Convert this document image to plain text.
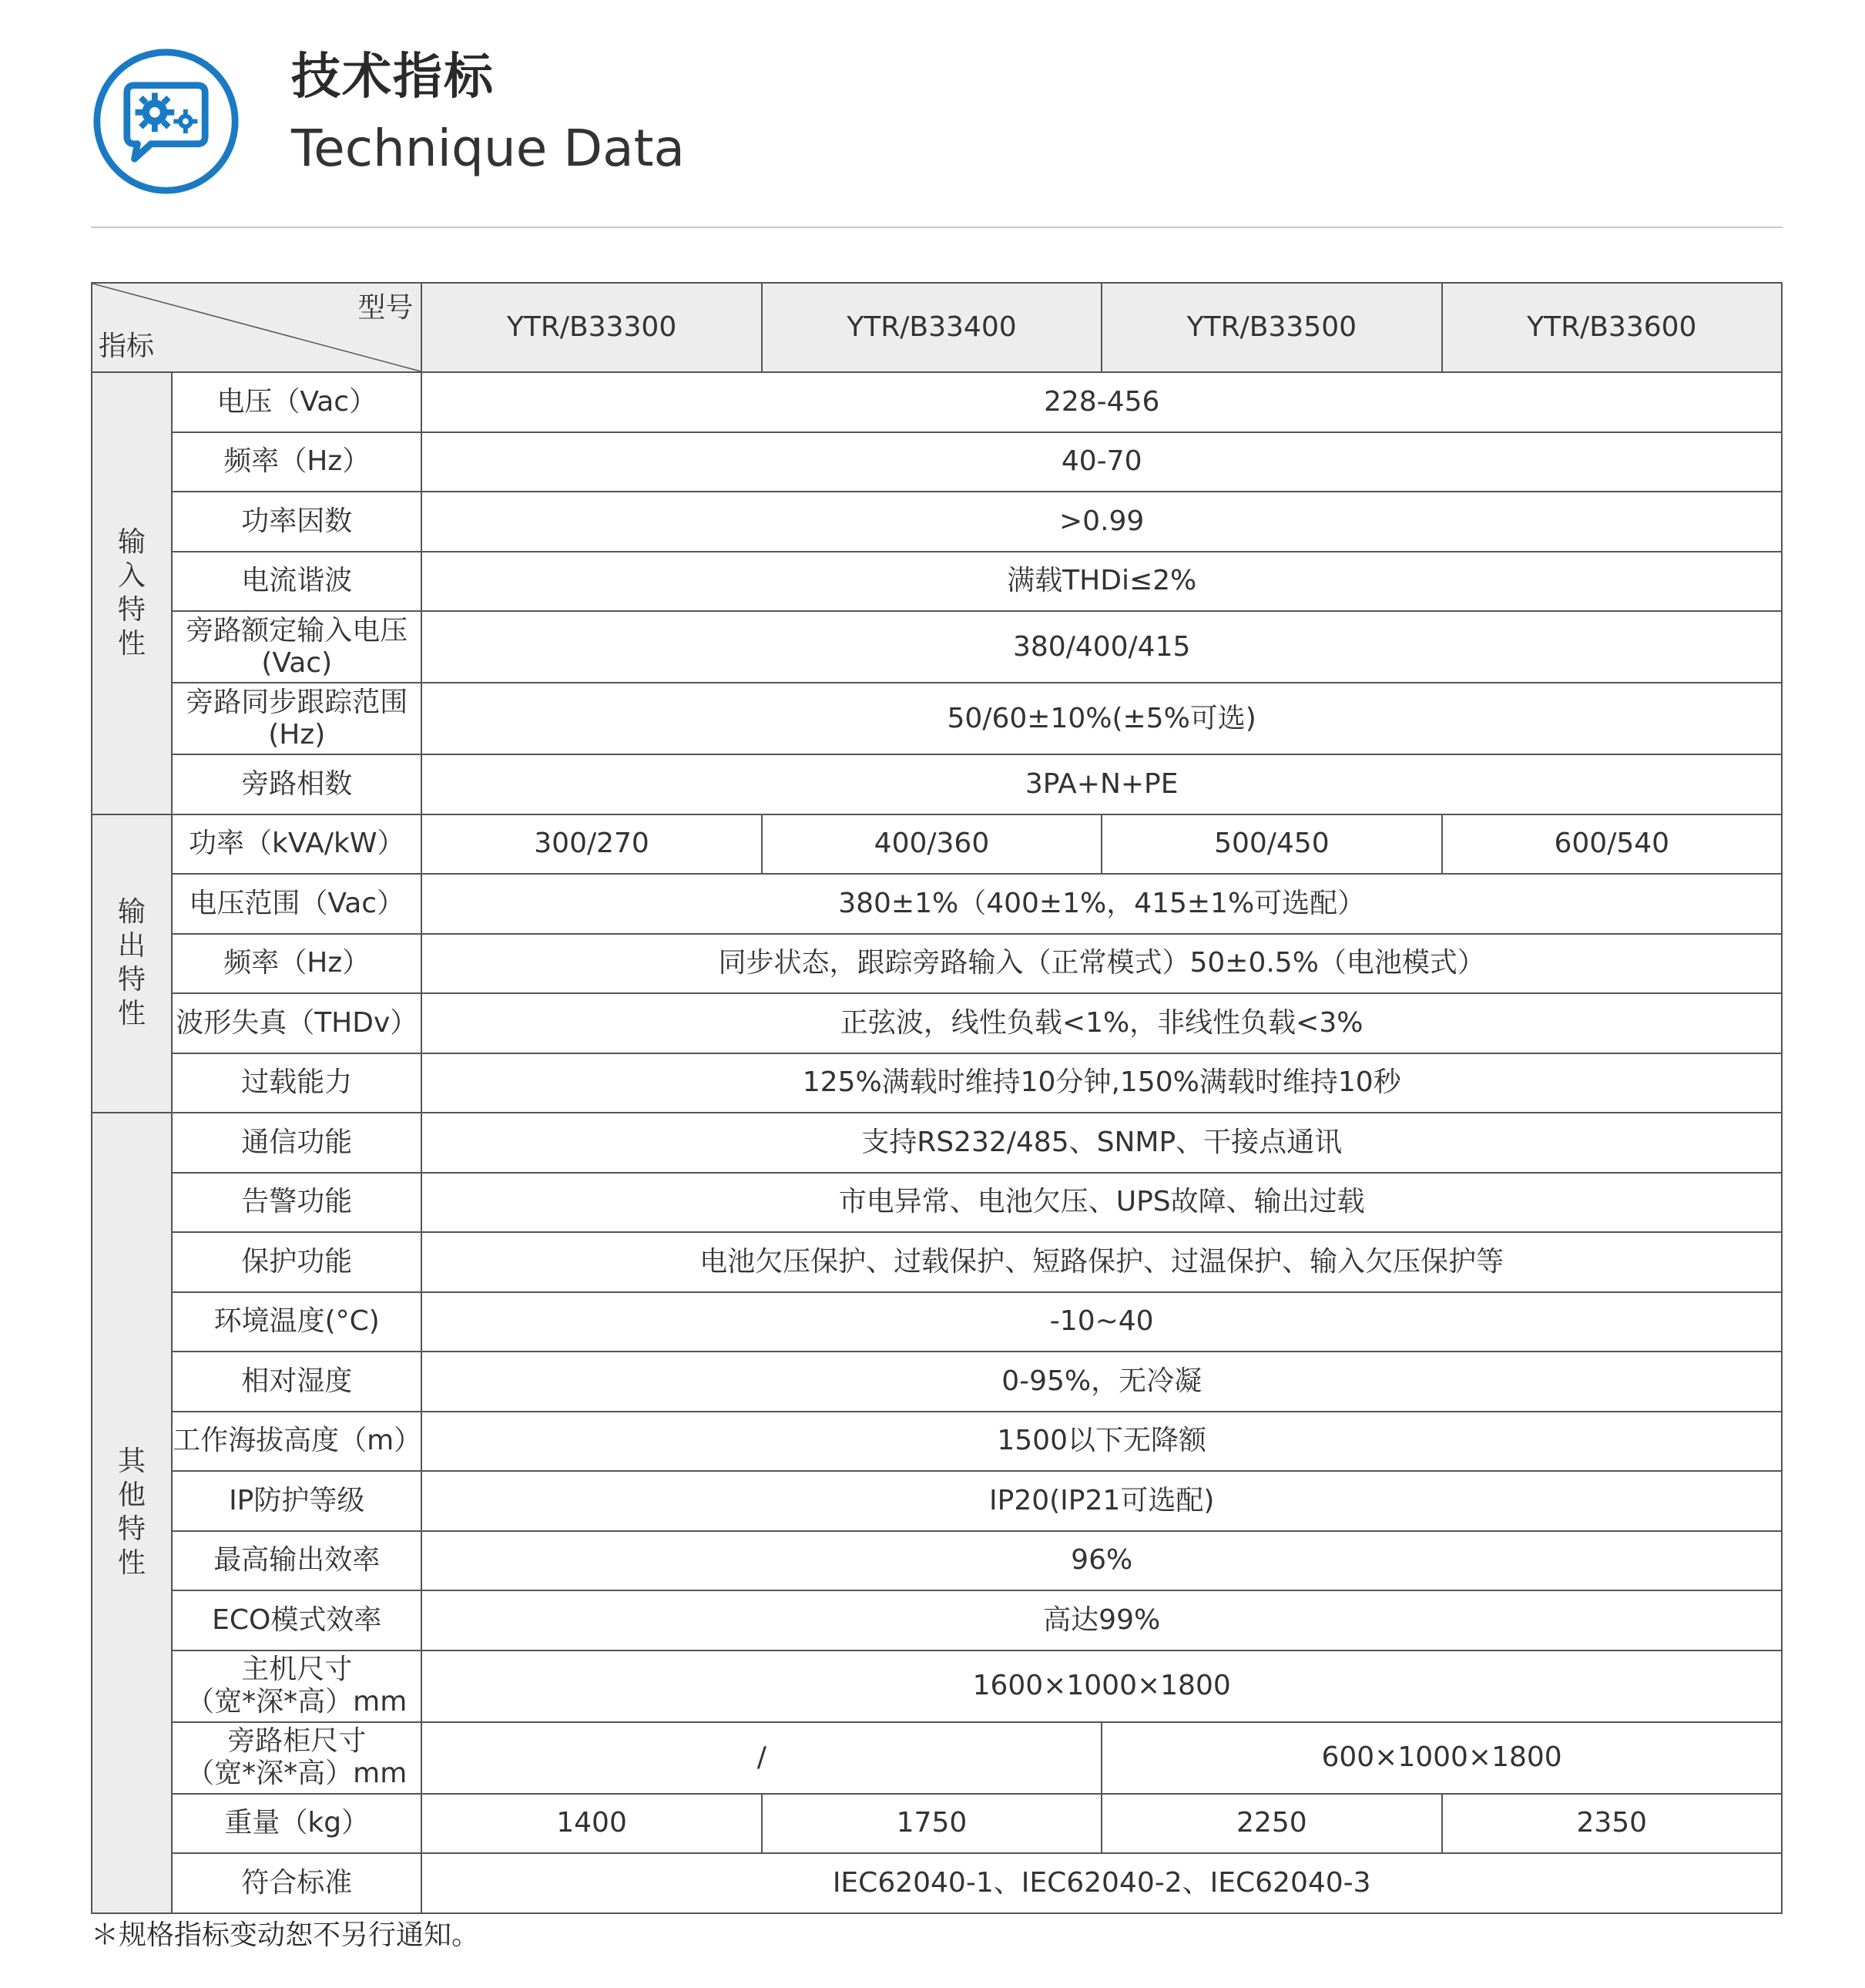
技术指标
Technique Data
型号
指标		YTR/B33300	YTR/B33400	YTR/B33500	YTR/B33600

输入特性	电压（Vac）	228-456			
	频率（Hz）	40-70			
	功率因数	>0.99			
	电流谐波	满载THDi≤2%			

	旁路额定输入电压
(Vac)	380/400/415			

	旁路同步跟踪范围
(Hz)	50/60±10%(±5%可选)			
	旁路相数	3PA+N+PE			

输出特性	功率（kVA/kW）	300/270	400/360	500/450	600/540
	电压范围（Vac）	380±1%（400±1%，415±1%可选配）			
	频率（Hz）	同步状态，跟踪旁路输入（正常模式）50±0.5%（电池模式）			
	波形失真（THDv）	正弦波，线性负载<1%，非线性负载<3%			
	过载能力	125%满载时维持10分钟,150%满载时维持10秒			

其他特性	通信功能	支持RS232/485、SNMP、干接点通讯			
	告警功能	市电异常、电池欠压、UPS故障、输出过载			
	保护功能	电池欠压保护、过载保护、短路保护、过温保护、输入欠压保护等			
	环境温度(°C)	-10~40			
	相对湿度	0-95%，无冷凝			
	工作海拔高度（m）	1500以下无降额			
	IP防护等级	IP20(IP21可选配)			
	最高输出效率	96%			
	ECO模式效率	高达99%			

	主机尺寸
（宽*深*高）mm	1600×1000×1800			

	旁路柜尺寸
（宽*深*高）mm	/		600×1000×1800	
	重量（kg）	1400	1750	2250	2350
	符合标准	IEC62040-1、IEC62040-2、IEC62040-3			
＊规格指标变动恕不另行通知。
